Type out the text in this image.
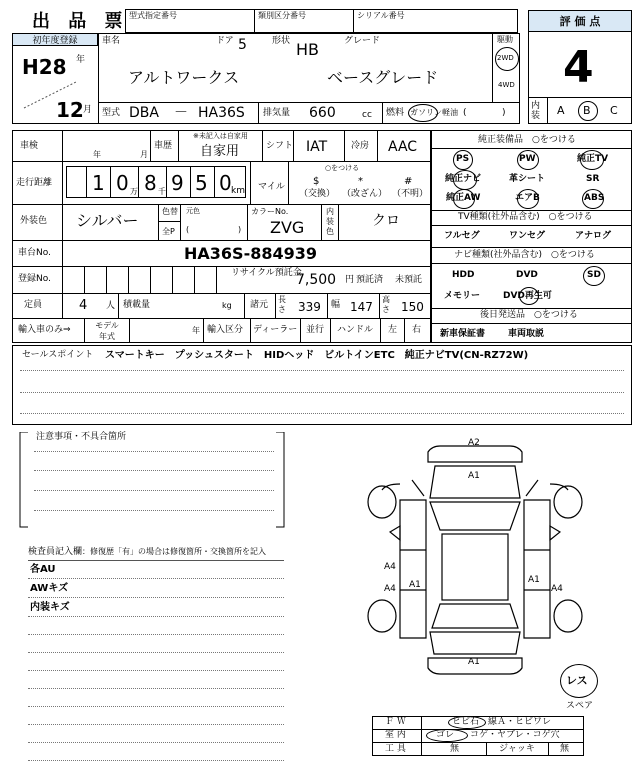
出 品 票 型式指定番号	類別区分番号	シリアル番号	評 価 点
4
内装	A B C
初年度登録
H28 年
12 月
車名
アルトワークス
ドア 5	形状 HB	グレード
ベースグレード
駆動
2WD
4WD
型式 DBA － HA36S 排気量 660	cc 燃料 ガソリン 軽油 (	)
車検
年	月
車歴
※未記入は自家用
自家用	シフト IAT	冷房 AAC
走行距離 1 0 万 8 千 9 5 0 km マイル
○をつける
$
（交換）
*
（改ざん）
#
（不明）
外装色 シルバー	色替
全P
元色
(	)
カラーNo.
ZVG
内装色
クロ
車台No.	HA36S-884939
登録No.
リサイクル預託金
7,500 円 預託済 未預託
定員	4 人 積載量	kg 諸元
長さ 339 幅 147
高さ 150
輸入車のみ⇒	モデル年式
年 輸入区分 ディーラー 並行 ハンドル 左 右
純正装備品　○をつける
PS	PW	純正TV
純正ナビ	革シート	SR
純正AW	エアB	ABS
TV種類(社外品含む)　○をつける
フルセグ	ワンセグ	アナログ
ナビ種類(社外品含む)　○をつける
HDD	DVD	SD
メモリー	DVD再生可
後日発送品　○をつける
新車保証書	車両取説
セールスポイント スマートキー　プッシュスタート　HIDヘッド　ビルトインETC　純正ナビTV(CN-RZ72W)
注意事項・不具合箇所
検査員記入欄：修復歴「有」の場合は修復箇所・交換箇所を記入
各AU
AWキズ
内装キズ
A2
A1
A4
A1	A1
A4
A4
A1
レス
スペア
Ｆ Ｗ	ヒビ石 線Ａ・ヒビワレ
室 内	ゴレ コゲ・ヤブレ・コゲ穴
工 具	無	ジャッキ	無
